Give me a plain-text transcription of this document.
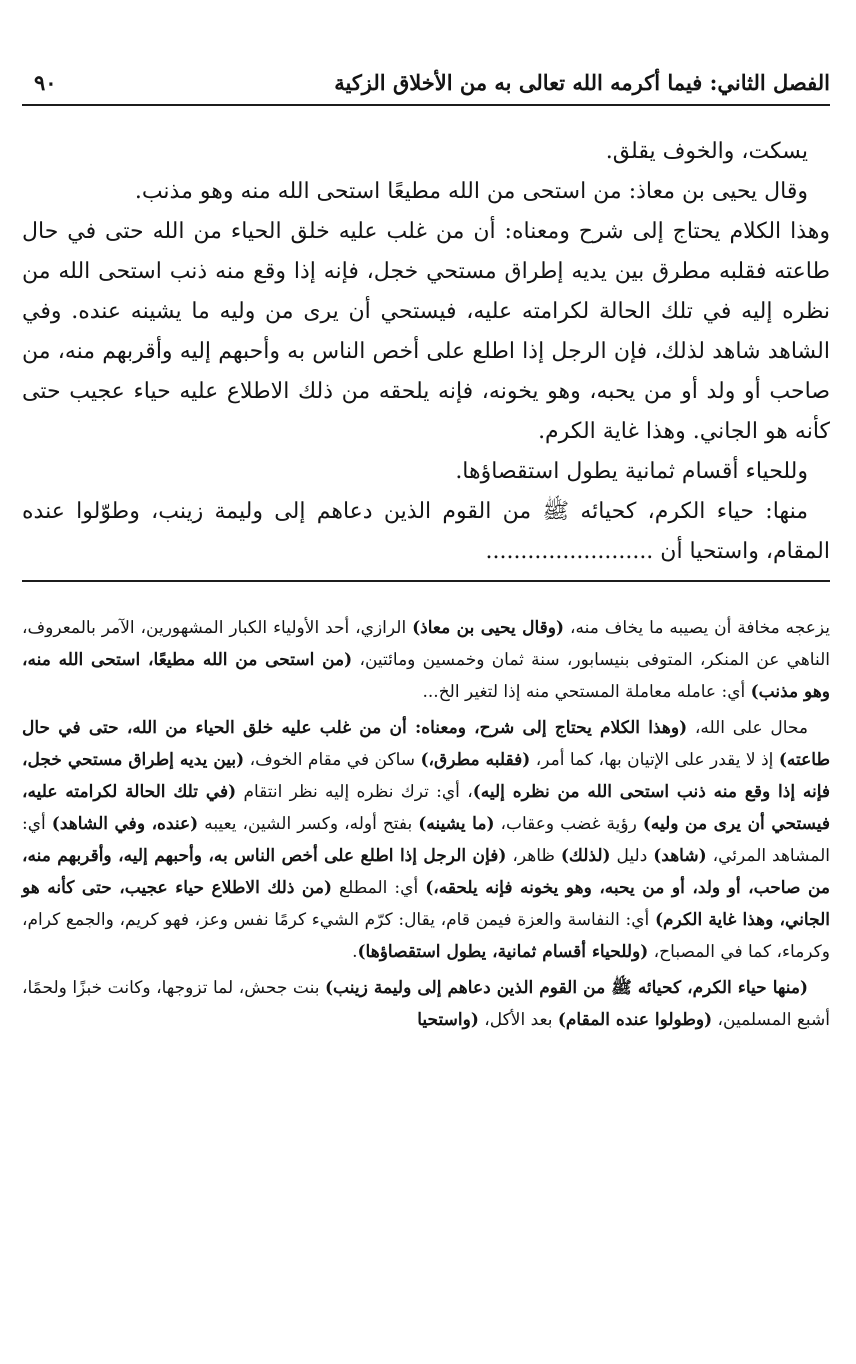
الفصل الثاني: فيما أكرمه الله تعالى به من الأخلاق الزكية
٩٠

يسكت، والخوف يقلق.

وقال يحيى بن معاذ: من استحى من الله مطيعًا استحى الله منه وهو مذنب.

وهذا الكلام يحتاج إلى شرح ومعناه: أن من غلب عليه خلق الحياء من الله حتى في حال طاعته فقلبه مطرق بين يديه إطراق مستحي خجل، فإنه إذا وقع منه ذنب استحى الله من نظره إليه في تلك الحالة لكرامته عليه، فيستحي أن يرى من وليه ما يشينه عنده. وفي الشاهد شاهد لذلك، فإن الرجل إذا اطلع على أخص الناس به وأحبهم إليه وأقربهم منه، من صاحب أو ولد أو من يحبه، وهو يخونه، فإنه يلحقه من ذلك الاطلاع عليه حياء عجيب حتى كأنه هو الجاني. وهذا غاية الكرم.

وللحياء أقسام ثمانية يطول استقصاؤها.

منها: حياء الكرم، كحيائه ﷺ من القوم الذين دعاهم إلى وليمة زينب، وطوّلوا عنده المقام، واستحيا أن ........................

يزعجه مخافة أن يصيبه ما يخاف منه، (وقال يحيى بن معاذ) الرازي، أحد الأولياء الكبار المشهورين، الآمر بالمعروف، الناهي عن المنكر، المتوفى بنيسابور، سنة ثمان وخمسين ومائتين، (من استحى من الله مطيعًا، استحى الله منه، وهو مذنب) أي: عامله معاملة المستحي منه إذا لتغير الخ...

محال على الله، (وهذا الكلام يحتاج إلى شرح، ومعناه: أن من غلب عليه خلق الحياء من الله، حتى في حال طاعته) إذ لا يقدر على الإتيان بها، كما أمر، (فقلبه مطرق،) ساكن في مقام الخوف، (بين يديه إطراق مستحي خجل، فإنه إذا وقع منه ذنب استحى الله من نظره إليه)، أي: ترك نظره إليه نظر انتقام (في تلك الحالة لكرامته عليه، فيستحي أن يرى من وليه) رؤية غضب وعقاب، (ما يشينه) بفتح أوله، وكسر الشين، يعيبه (عنده، وفي الشاهد) أي: المشاهد المرئي، (شاهد) دليل (لذلك) ظاهر، (فإن الرجل إذا اطلع على أخص الناس به، وأحبهم إليه، وأقربهم منه، من صاحب، أو ولد، أو من يحبه، وهو يخونه فإنه يلحقه،) أي: المطلع (من ذلك الاطلاع حياء عجيب، حتى كأنه هو الجاني، وهذا غاية الكرم) أي: النفاسة والعزة فيمن قام، يقال: كرّم الشيء كرمًا نفس وعز، فهو كريم، والجمع كرام، وكرماء، كما في المصباح، (وللحياء أقسام ثمانية، يطول استقصاؤها).

(منها حياء الكرم، كحيائه ﷺ من القوم الذين دعاهم إلى وليمة زينب) بنت جحش، لما تزوجها، وكانت خبزًا ولحمًا، أشبع المسلمين، (وطولوا عنده المقام) بعد الأكل، (واستحيا
